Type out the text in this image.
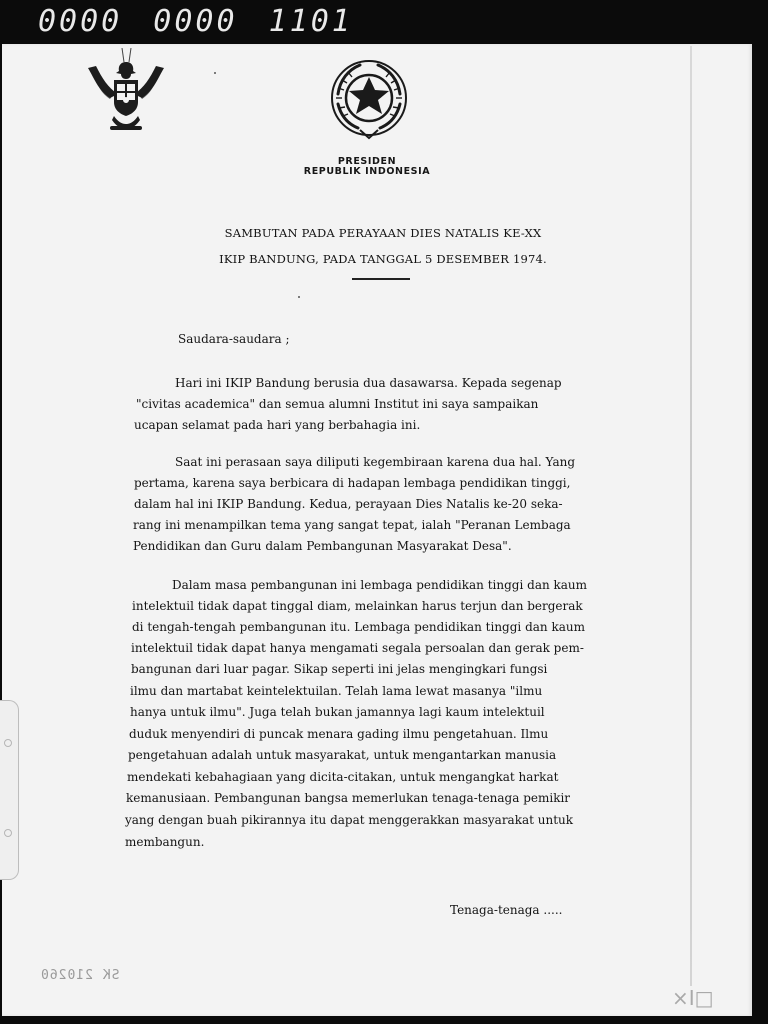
0000 0000 1101
PRESIDEN
REPUBLIK INDONESIA
SAMBUTAN PADA PERAYAAN DIES NATALIS KE-XX
IKIP BANDUNG, PADA TANGGAL 5 DESEMBER 1974.
Saudara-saudara ;
Hari ini IKIP Bandung berusia dua dasawarsa. Kepada segenap
"civitas academica" dan semua alumni Institut ini saya sampaikan
ucapan selamat pada hari yang berbahagia ini.
Saat ini perasaan saya diliputi kegembiraan karena dua hal. Yang
pertama, karena saya berbicara di hadapan lembaga pendidikan tinggi,
dalam hal ini IKIP Bandung. Kedua, perayaan Dies Natalis ke-20 seka-
rang ini menampilkan tema yang sangat tepat, ialah "Peranan Lembaga
Pendidikan dan Guru dalam Pembangunan Masyarakat Desa".
Dalam masa pembangunan ini lembaga pendidikan tinggi dan kaum
intelektuil tidak dapat tinggal diam, melainkan harus terjun dan bergerak
di tengah-tengah pembangunan itu. Lembaga pendidikan tinggi dan kaum
intelektuil tidak dapat hanya mengamati segala persoalan dan gerak pem-
bangunan dari luar pagar. Sikap seperti ini jelas mengingkari fungsi
ilmu dan martabat keintelektuilan. Telah lama lewat masanya "ilmu
hanya untuk ilmu". Juga telah bukan jamannya lagi kaum intelektuil
duduk menyendiri di puncak menara gading ilmu pengetahuan. Ilmu
pengetahuan adalah untuk masyarakat, untuk mengantarkan manusia
mendekati kebahagiaan yang dicita-citakan, untuk mengangkat harkat
kemanusiaan. Pembangunan bangsa memerlukan tenaga-tenaga pemikir
yang dengan buah pikirannya itu dapat menggerakkan masyarakat untuk
membangun.
Tenaga-tenaga .....
SK 210260
×I□
